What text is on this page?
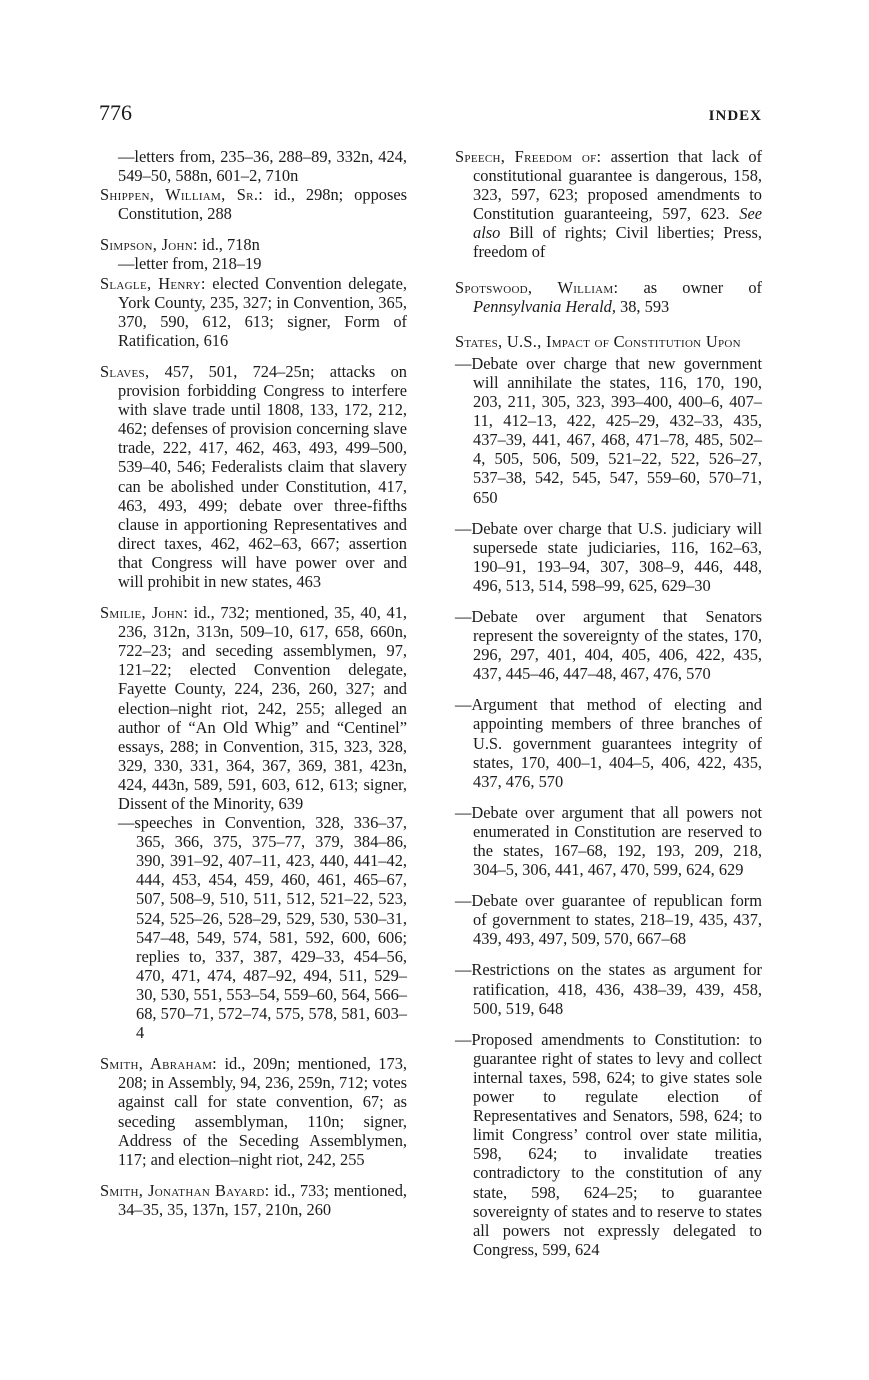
776	INDEX

—letters from, 235–36, 288–89, 332n, 424, 549–50, 588n, 601–2, 710n

Shippen, William, Sr.: id., 298n; opposes Constitution, 288

Simpson, John: id., 718n

—letter from, 218–19

Slagle, Henry: elected Convention delegate, York County, 235, 327; in Convention, 365, 370, 590, 612, 613; signer, Form of Ratification, 616

Slaves, 457, 501, 724–25n; attacks on provision forbidding Congress to interfere with slave trade until 1808, 133, 172, 212, 462; defenses of provision concerning slave trade, 222, 417, 462, 463, 493, 499–500, 539–40, 546; Federalists claim that slavery can be abolished under Constitution, 417, 463, 493, 499; debate over three-fifths clause in apportioning Representatives and direct taxes, 462, 462–63, 667; assertion that Congress will have power over and will prohibit in new states, 463

Smilie, John: id., 732; mentioned, 35, 40, 41, 236, 312n, 313n, 509–10, 617, 658, 660n, 722–23; and seceding assemblymen, 97, 121–22; elected Convention delegate, Fayette County, 224, 236, 260, 327; and election–night riot, 242, 255; alleged an author of “An Old Whig” and “Centinel” essays, 288; in Convention, 315, 323, 328, 329, 330, 331, 364, 367, 369, 381, 423n, 424, 443n, 589, 591, 603, 612, 613; signer, Dissent of the Minority, 639

—speeches in Convention, 328, 336–37, 365, 366, 375, 375–77, 379, 384–86, 390, 391–92, 407–11, 423, 440, 441–42, 444, 453, 454, 459, 460, 461, 465–67, 507, 508–9, 510, 511, 512, 521–22, 523, 524, 525–26, 528–29, 529, 530, 530–31, 547–48, 549, 574, 581, 592, 600, 606; replies to, 337, 387, 429–33, 454–56, 470, 471, 474, 487–92, 494, 511, 529–30, 530, 551, 553–54, 559–60, 564, 566–68, 570–71, 572–74, 575, 578, 581, 603–4

Smith, Abraham: id., 209n; mentioned, 173, 208; in Assembly, 94, 236, 259n, 712; votes against call for state convention, 67; as seceding assemblyman, 110n; signer, Address of the Seceding Assemblymen, 117; and election–night riot, 242, 255

Smith, Jonathan Bayard: id., 733; mentioned, 34–35, 35, 137n, 157, 210n, 260

Speech, Freedom of: assertion that lack of constitutional guarantee is dangerous, 158, 323, 597, 623; proposed amendments to Constitution guaranteeing, 597, 623. See also Bill of rights; Civil liberties; Press, freedom of

Spotswood, William: as owner of Pennsylvania Herald, 38, 593

States, U.S., Impact of Constitution Upon

—Debate over charge that new government will annihilate the states, 116, 170, 190, 203, 211, 305, 323, 393–400, 400–6, 407–11, 412–13, 422, 425–29, 432–33, 435, 437–39, 441, 467, 468, 471–78, 485, 502–4, 505, 506, 509, 521–22, 522, 526–27, 537–38, 542, 545, 547, 559–60, 570–71, 650

—Debate over charge that U.S. judiciary will supersede state judiciaries, 116, 162–63, 190–91, 193–94, 307, 308–9, 446, 448, 496, 513, 514, 598–99, 625, 629–30

—Debate over argument that Senators represent the sovereignty of the states, 170, 296, 297, 401, 404, 405, 406, 422, 435, 437, 445–46, 447–48, 467, 476, 570

—Argument that method of electing and appointing members of three branches of U.S. government guarantees integrity of states, 170, 400–1, 404–5, 406, 422, 435, 437, 476, 570

—Debate over argument that all powers not enumerated in Constitution are reserved to the states, 167–68, 192, 193, 209, 218, 304–5, 306, 441, 467, 470, 599, 624, 629

—Debate over guarantee of republican form of government to states, 218–19, 435, 437, 439, 493, 497, 509, 570, 667–68

—Restrictions on the states as argument for ratification, 418, 436, 438–39, 439, 458, 500, 519, 648

—Proposed amendments to Constitution: to guarantee right of states to levy and collect internal taxes, 598, 624; to give states sole power to regulate election of Representatives and Senators, 598, 624; to limit Congress’ control over state militia, 598, 624; to invalidate treaties contradictory to the constitution of any state, 598, 624–25; to guarantee sovereignty of states and to reserve to states all powers not expressly delegated to Congress, 599, 624
